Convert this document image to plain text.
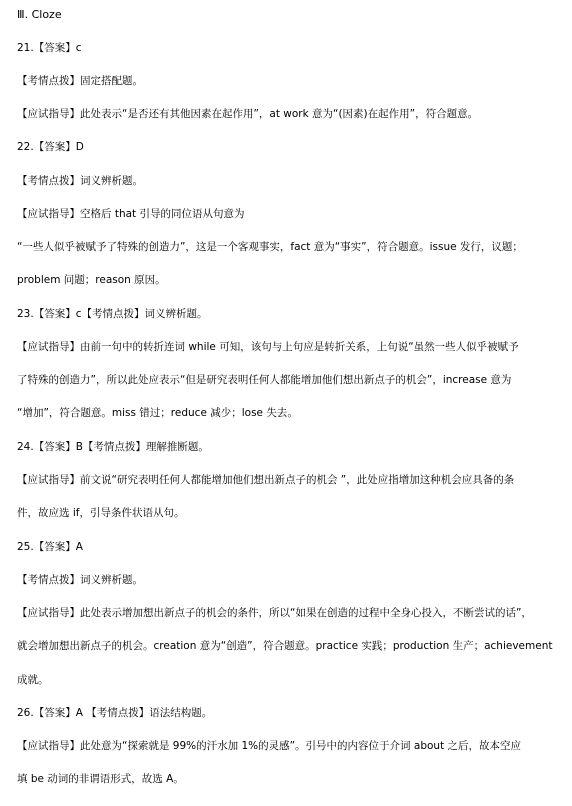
Ⅲ. Cloze
21.【答案】c
【考情点拨】固定搭配题。
【应试指导】此处表示“是否还有其他因素在起作用”，at work 意为“(因素)在起作用”，符合题意。
22.【答案】D
【考情点拨】词义辨析题。
【应试指导】空格后 that 引导的同位语从句意为
“一些人似乎被赋予了特殊的创造力”，这是一个客观事实，fact 意为“事实”，符合题意。issue 发行，议题；
problem 问题；reason 原因。
23.【答案】c【考情点拨】词义辨析题。
【应试指导】由前一句中的转折连词 while 可知，该句与上句应是转折关系，上句说“虽然一些人似乎被赋予
了特殊的创造力”，所以此处应表示“但是研究表明任何人都能增加他们想出新点子的机会”，increase 意为
“增加”，符合题意。miss 错过；reduce 减少；lose 失去。
24.【答案】B【考情点拨】理解推断题。
【应试指导】前文说“研究表明任何人都能增加他们想出新点子的机会 ”，此处应指增加这种机会应具备的条
件，故应选 if，引导条件状语从句。
25.【答案】A
【考情点拨】词义辨析题。
【应试指导】此处表示增加想出新点子的机会的条件，所以“如果在创造的过程中全身心投入，不断尝试的话”，
就会增加想出新点子的机会。creation 意为“创造”，符合题意。practice 实践；production 生产；achievement
成就。
26.【答案】A 【考情点拨】语法结构题。
【应试指导】此处意为“探索就是 99%的汗水加 1%的灵感”。引号中的内容位于介词 about 之后，故本空应
填 be 动词的非谓语形式，故选 A。
